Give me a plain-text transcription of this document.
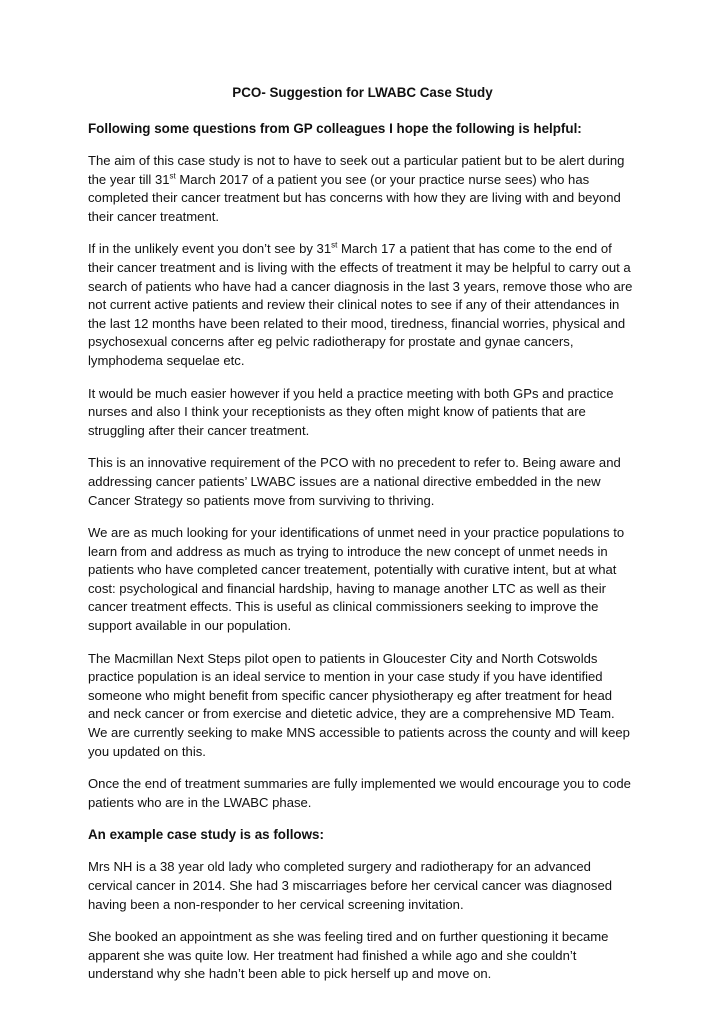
PCO- Suggestion for LWABC Case Study
Following some questions from GP colleagues I hope the following is helpful:

The aim of this case study is not to have to seek out a particular patient but to be alert during the year till 31st March 2017 of a patient you see (or your practice nurse sees) who has completed their cancer treatment but has concerns with how they are living with and beyond their cancer treatment.

If in the unlikely event you don’t see by 31st March 17 a patient that has come to the end of their cancer treatment and is living with the effects of treatment it may be helpful to carry out a search of patients who have had a cancer diagnosis in the last 3 years, remove those who are not current active patients and review their clinical notes to see if any of their attendances in the last 12 months have been related to their mood, tiredness, financial worries, physical and psychosexual concerns after eg pelvic radiotherapy for prostate and gynae cancers, lymphodema sequelae etc.

It would be much easier however if you held a practice meeting with both GPs and practice nurses and also I think your receptionists as they often might know of patients that are struggling after their cancer treatment.

This is an innovative requirement of the PCO with no precedent to refer to. Being aware and addressing cancer patients’ LWABC issues are a national directive embedded in the new Cancer Strategy so patients move from surviving to thriving.

We are as much looking for your identifications of unmet need in your practice populations to learn from and address as much as trying to introduce the new concept of unmet needs in patients who have completed cancer treatement, potentially with curative intent, but at what cost: psychological and financial hardship, having to manage another LTC as well as their cancer treatment effects. This is useful as clinical commissioners seeking to improve the support available in our population.

The Macmillan Next Steps pilot open to patients in Gloucester City and North Cotswolds practice population is an ideal service to mention in your case study if you have identified someone who might benefit from specific cancer physiotherapy eg after treatment for head and neck cancer or from exercise and dietetic advice, they are a comprehensive MD Team. We are currently seeking to make MNS accessible to patients across the county and will keep you updated on this.

Once the end of treatment summaries are fully implemented we would encourage you to code patients who are in the LWABC phase.

An example case study is as follows:

Mrs NH is a 38 year old lady who completed surgery and radiotherapy for an advanced cervical cancer in 2014. She had 3 miscarriages before her cervical cancer was diagnosed having been a non-responder to her cervical screening invitation.

She booked an appointment as she was feeling tired and on further questioning it became apparent she was quite low. Her treatment had finished a while ago and she couldn’t understand why she hadn’t been able to pick herself up and move on.
